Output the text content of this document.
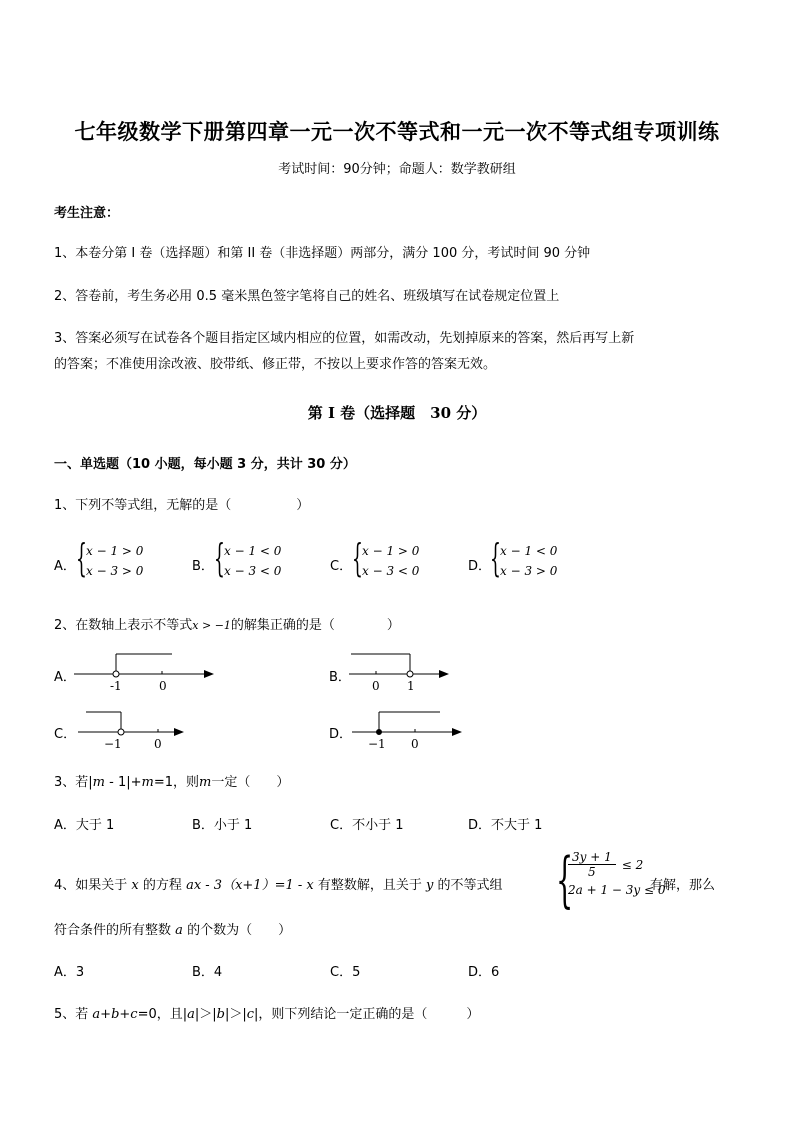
七年级数学下册第四章一元一次不等式和一元一次不等式组专项训练
考试时间：90分钟；命题人：数学教研组
考生注意：
1、本卷分第 I 卷（选择题）和第 II 卷（非选择题）两部分，满分 100 分，考试时间 90 分钟
2、答卷前，考生务必用 0.5 毫米黑色签字笔将自己的姓名、班级填写在试卷规定位置上
3、答案必须写在试卷各个题目指定区域内相应的位置，如需改动，先划掉原来的答案，然后再写上新
的答案；不准使用涂改液、胶带纸、修正带，不按以上要求作答的答案无效。
第 I 卷（选择题　30 分）
一、单选题（10 小题，每小题 3 分，共计 30 分）
1、下列不等式组，无解的是（　　　　　）
A． { x − 1 > 0
x − 3 > 0	B． { x − 1 < 0
x − 3 < 0	C． { x − 1 > 0
x − 3 < 0	D．
{ x − 1 < 0
x − 3 > 0
2、在数轴上表示不等式x > −1的解集正确的是（　　　　）
A．
-1	0
B．
0 1
C．
−1	0
D．
−1 0
3、若|m - 1|+m=1，则m一定（　　）
A．大于 1	B．小于 1	C．不小于 1	D．不大于 1
4、如果关于 x 的方程 ax - 3（x+1）=1 - x 有整数解，且关于 y 的不等式组 {
$\frac{3y + 1}{5} \le 2$
2a + 1 − 3y ≤ 0
有解，那么
符合条件的所有整数 a 的个数为（　　）
A．3	B．4	C．5	D．6
5、若 a+b+c=0，且|a|＞|b|＞|c|，则下列结论一定正确的是（　　　）
